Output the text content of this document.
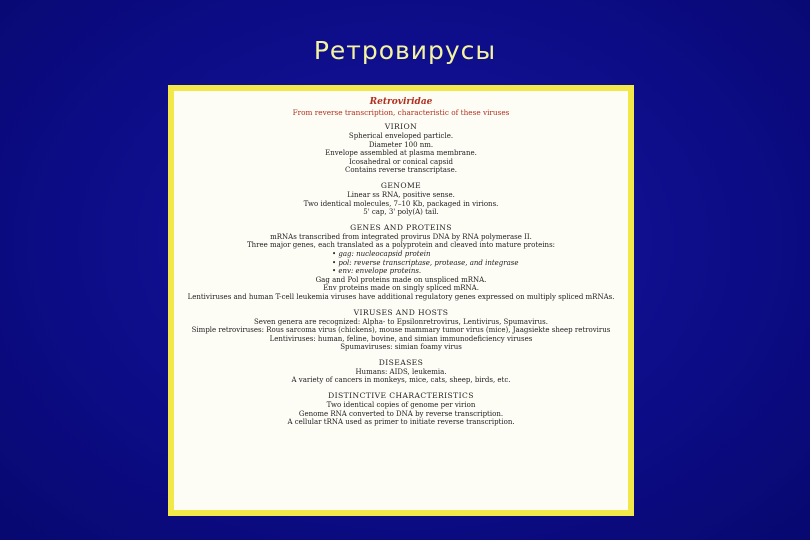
Ретровирусы
Retroviridae
From reverse transcription, characteristic of these viruses
VIRION
Spherical enveloped particle.
Diameter 100 nm.
Envelope assembled at plasma membrane.
Icosahedral or conical capsid
Contains reverse transcriptase.
GENOME
Linear ss RNA, positive sense.
Two identical molecules, 7–10 Kb, packaged in virions.
5' cap, 3' poly(A) tail.
GENES AND PROTEINS
mRNAs transcribed from integrated provirus DNA by RNA polymerase II.
Three major genes, each translated as a polyprotein and cleaved into mature proteins:
• gag: nucleocapsid protein
• pol: reverse transcriptase, protease, and integrase
• env: envelope proteins.
Gag and Pol proteins made on unspliced mRNA.
Env proteins made on singly spliced mRNA.
Lentiviruses and human T-cell leukemia viruses have additional regulatory genes expressed on multiply spliced mRNAs.
VIRUSES AND HOSTS
Seven genera are recognized: Alpha- to Epsilonretrovirus, Lentivirus, Spumavirus.
Simple retroviruses: Rous sarcoma virus (chickens), mouse mammary tumor virus (mice), Jaagsiekte sheep retrovirus
Lentiviruses: human, feline, bovine, and simian immunodeficiency viruses
Spumaviruses: simian foamy virus
DISEASES
Humans: AIDS, leukemia.
A variety of cancers in monkeys, mice, cats, sheep, birds, etc.
DISTINCTIVE CHARACTERISTICS
Two identical copies of genome per virion
Genome RNA converted to DNA by reverse transcription.
A cellular tRNA used as primer to initiate reverse transcription.
